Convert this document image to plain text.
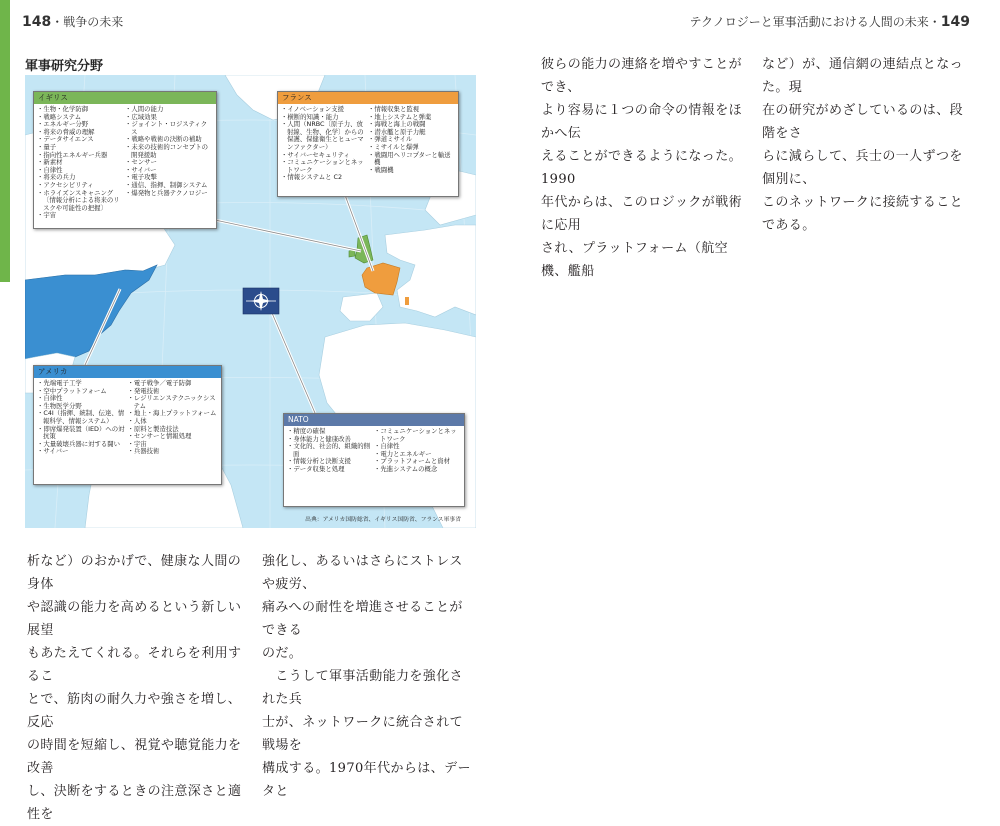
148・戦争の未来	テクノロジーと軍事活動における人間の未来・149
軍事研究分野
イギリス
・ 生物・化学防御
・ 戦略システム
・ エネルギー分野
・ 将来の脅威の理解
・ データサイエンス
・ 量子
・ 指向性エネルギー兵器
・ 新素材
・ 自律性
・ 将来の兵力
・ アクセシビリティ
・ ホライズンスキャニング〔情報分析による将来のリスクや可能性の把握〕
・ 宇宙
・ 人間の能力
・ 広域効果
・ ジョイント・ロジスティクス
・ 戦略や戦術の決断の補助
・ 未来の技術的コンセプトの開発援助
・ センサー
・ サイバー
・ 電子攻撃
・ 通信、指揮、制御システム
・ 爆発物と兵器テクノロジー
フランス
・ イノベーション支援
・ 横断的知識・能力
・ 人間（NRBC〔原子力、放射線、生物、化学〕からの保護、保健衛生とヒューマンファクター）
・ サイバーセキュリティ
・ コミュニケーションとネットワーク
・ 情報システムと C2
・ 情報収集と監視
・ 地上システムと弾薬
・ 海戦と海上の戦闘
・ 潜水艦と原子力艇
・ 弾道ミサイル
・ ミサイルと爆弾
・ 戦闘用ヘリコプターと輸送機
・ 戦闘機
アメリカ
・ 先端電子工学
・ 空中プラットフォーム
・ 自律性
・ 生物医学分野
・ C4I（指揮、統制、伝達、情報科学、情報システム）
・ 即席爆発装置（IED）への対抗策
・ 大量破壊兵器に対する闘い
・ サイバー
・ 電子戦争／電子防御
・ 発電技術
・ レジリエンステクニックシステム
・ 地上・海上プラットフォーム
・ 人体
・ 原料と製造技法
・ センサーと情報処理
・ 宇宙
・ 兵器技術
NATO
・ 精度の確保
・ 身体能力と健康改善
・ 文化的、社会的、組織的側面
・ 情報分析と決断支援
・ データ収集と処理
・ コミュニケーションとネットワーク
・ 自律性
・ 電力とエネルギー
・ プラットフォームと資材
・ 先進システムの概念
出典：アメリカ国防総省、イギリス国防省、フランス軍事省

析など）のおかげで、健康な人間の身体

や認識の能力を高めるという新しい展望

もあたえてくれる。それらを利用するこ

とで、筋肉の耐久力や強さを増し、反応

の時間を短縮し、視覚や聴覚能力を改善

し、決断をするときの注意深さと適性を

強化し、あるいはさらにストレスや疲労、

痛みへの耐性を増進させることができる

のだ。

　こうして軍事活動能力を強化された兵

士が、ネットワークに統合されて戦場を

構成する。1970年代からは、データと

彼らの能力の連絡を増やすことができ、

より容易に１つの命令の情報をほかへ伝

えることができるようになった。1990

年代からは、このロジックが戦術に応用

され、プラットフォーム（航空機、艦船

など）が、通信網の連結点となった。現

在の研究がめざしているのは、段階をさ

らに減らして、兵士の一人ずつを個別に、

このネットワークに接続することである。
